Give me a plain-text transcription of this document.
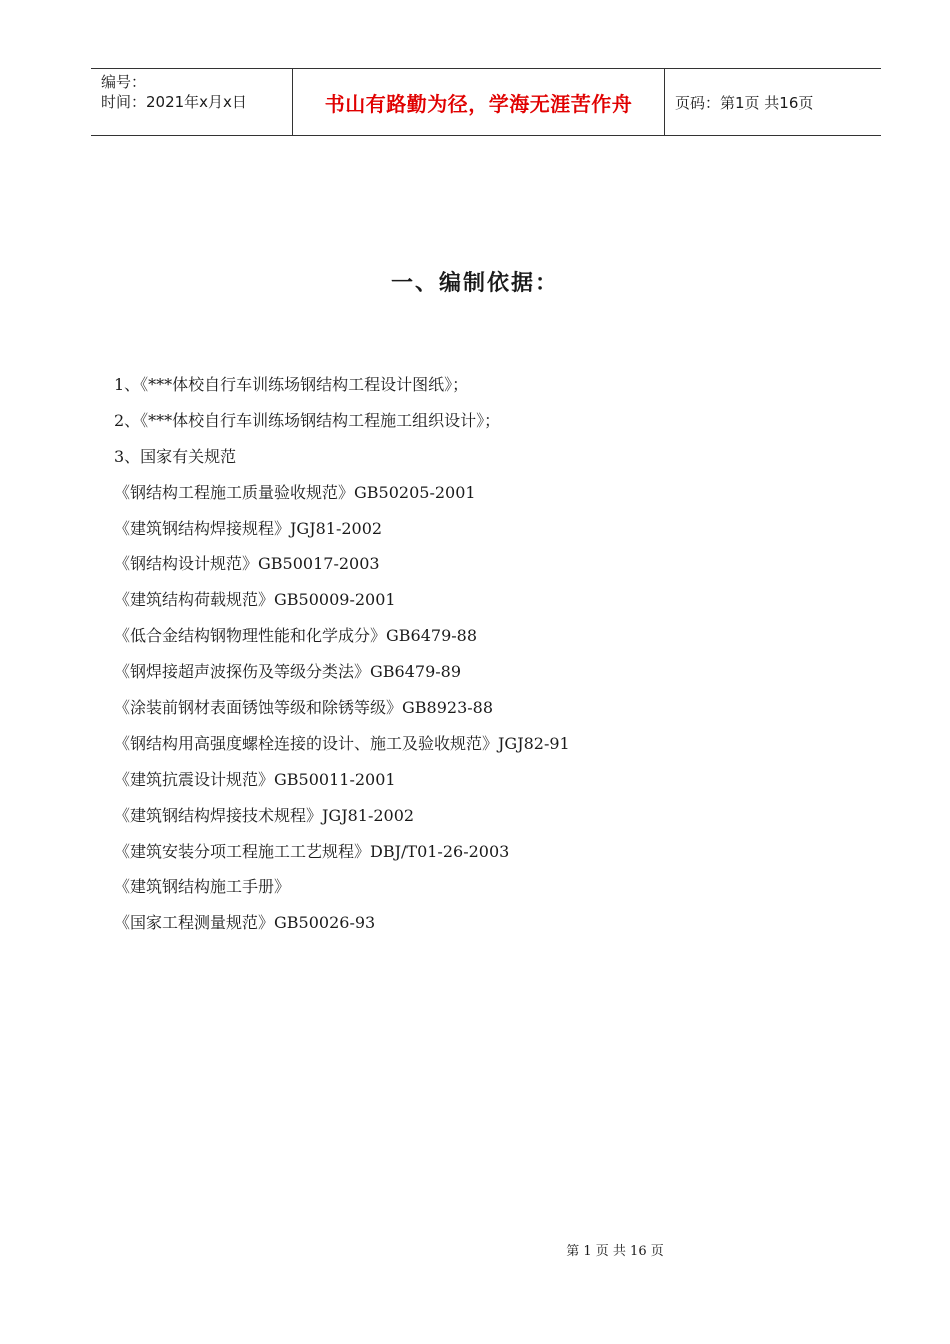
编号：
时间：2021年x月x日	书山有路勤为径，学海无涯苦作舟	页码：第1页 共16页
一、编制依据：
1、《***体校自行车训练场钢结构工程设计图纸》；
2、《***体校自行车训练场钢结构工程施工组织设计》；
3、国家有关规范
《钢结构工程施工质量验收规范》GB50205-2001
《建筑钢结构焊接规程》JGJ81-2002
《钢结构设计规范》GB50017-2003
《建筑结构荷载规范》GB50009-2001
《低合金结构钢物理性能和化学成分》GB6479-88
《钢焊接超声波探伤及等级分类法》GB6479-89
《涂装前钢材表面锈蚀等级和除锈等级》GB8923-88
《钢结构用高强度螺栓连接的设计、施工及验收规范》JGJ82-91
《建筑抗震设计规范》GB50011-2001
《建筑钢结构焊接技术规程》JGJ81-2002
《建筑安装分项工程施工工艺规程》DBJ/T01-26-2003
《建筑钢结构施工手册》
《国家工程测量规范》GB50026-93
第 1 页 共 16 页
